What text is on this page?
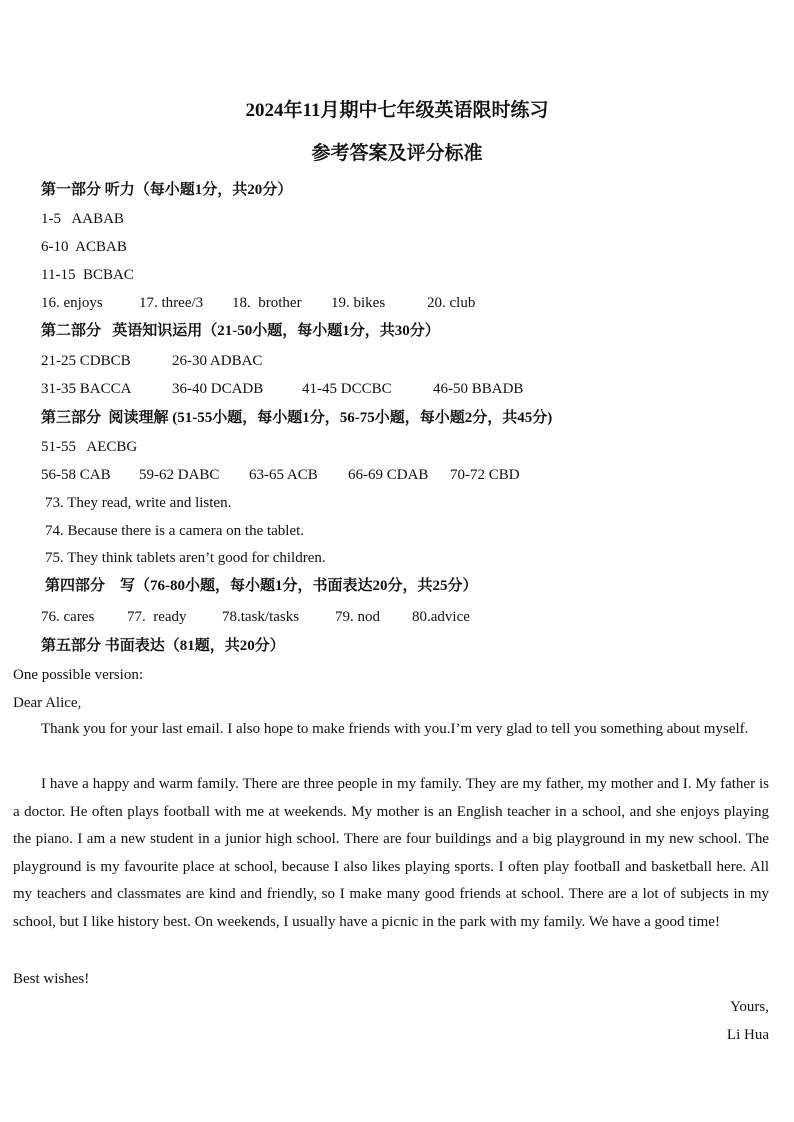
2024年11月期中七年级英语限时练习
参考答案及评分标准
第一部分 听力（每小题1分，共20分）
1-5   AABAB
6-10  ACBAB
11-15  BCBAC
16. enjoys 17. three/3 18.  brother 19. bikes	20. club
第二部分   英语知识运用（21-50小题，每小题1分，共30分）
21-25 CDBCB	26-30 ADBAC
31-35 BACCA	36-40 DCADB	41-45 DCCBC	46-50 BBADB
第三部分  阅读理解 (51-55小题，每小题1分，56-75小题，每小题2分，共45分)
51-55   AECBG
56-58 CAB 59-62 DABC 63-65 ACB 66-69 CDAB 70-72 CBD
73. They read, write and listen.
74. Because there is a camera on the tablet.
75. They think tablets aren’t good for children.
第四部分    写（76-80小题，每小题1分，书面表达20分，共25分）
76. cares 77.  ready 78.task/tasks 79. nod 80.advice
第五部分 书面表达（81题，共20分）
One possible version:
Dear Alice,
Thank you for your last email. I also hope to make friends with you.I’m very glad to tell you something about myself.
I have a happy and warm family. There are three people in my family. They are my father, my mother and I. My father is a doctor. He often plays football with me at weekends. My mother is an English teacher in a school, and she enjoys playing the piano. I am a new student in a junior high school. There are four buildings and a big playground in my new school. The playground is my favourite place at school, because I also likes playing sports. I often play football and basketball here. All my teachers and classmates are kind and friendly, so I make many good friends at school. There are a lot of subjects in my school, but I like history best. On weekends, I usually have a picnic in the park with my family. We have a good time!
Best wishes!
Yours,
Li Hua
